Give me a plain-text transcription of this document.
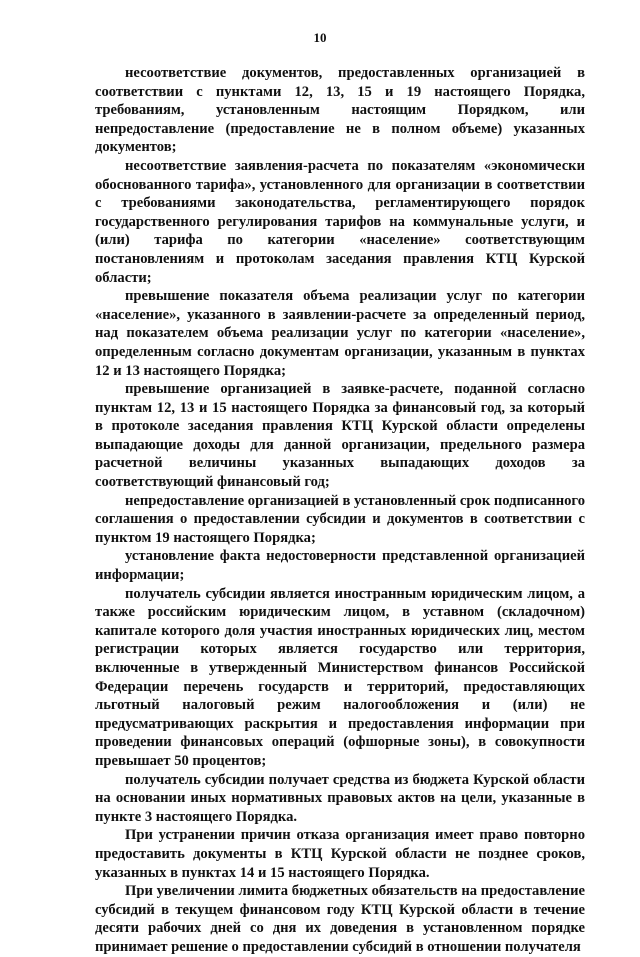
10

несоответствие документов, предоставленных организацией в соответствии с пунктами 12, 13, 15 и 19 настоящего Порядка, требованиям, установленным настоящим Порядком, или непредоставление (предоставление не в полном объеме) указанных документов;

несоответствие заявления-расчета по показателям «экономически обоснованного тарифа», установленного для организации в соответствии с требованиями законодательства, регламентирующего порядок государственного регулирования тарифов на коммунальные услуги, и (или) тарифа по категории «население» соответствующим постановлениям и протоколам заседания правления КТЦ Курской области;

превышение показателя объема реализации услуг по категории «население», указанного в заявлении-расчете за определенный период, над показателем объема реализации услуг по категории «население», определенным согласно документам организации, указанным в пунктах 12 и 13 настоящего Порядка;

превышение организацией в заявке-расчете, поданной согласно пунктам 12, 13 и 15 настоящего Порядка за финансовый год, за который в протоколе заседания правления КТЦ Курской области определены выпадающие доходы для данной организации, предельного размера расчетной величины указанных выпадающих доходов за соответствующий финансовый год;

непредоставление организацией в установленный срок подписанного соглашения о предоставлении субсидии и документов в соответствии с пунктом 19 настоящего Порядка;

установление факта недостоверности представленной организацией информации;

получатель субсидии является иностранным юридическим лицом, а также российским юридическим лицом, в уставном (складочном) капитале которого доля участия иностранных юридических лиц, местом регистрации которых является государство или территория, включенные в утвержденный Министерством финансов Российской Федерации перечень государств и территорий, предоставляющих льготный налоговый режим налогообложения и (или) не предусматривающих раскрытия и предоставления информации при проведении финансовых операций (офшорные зоны), в совокупности превышает 50 процентов;

получатель субсидии получает средства из бюджета Курской области на основании иных нормативных правовых актов на цели, указанные в пункте 3 настоящего Порядка.

При устранении причин отказа организация имеет право повторно предоставить документы в КТЦ Курской области не позднее сроков, указанных в пунктах 14 и 15 настоящего Порядка.

При увеличении лимита бюджетных обязательств на предоставление субсидий в текущем финансовом году КТЦ Курской области в течение десяти рабочих дней со дня их доведения в установленном порядке принимает решение о предоставлении субсидий в отношении получателя
